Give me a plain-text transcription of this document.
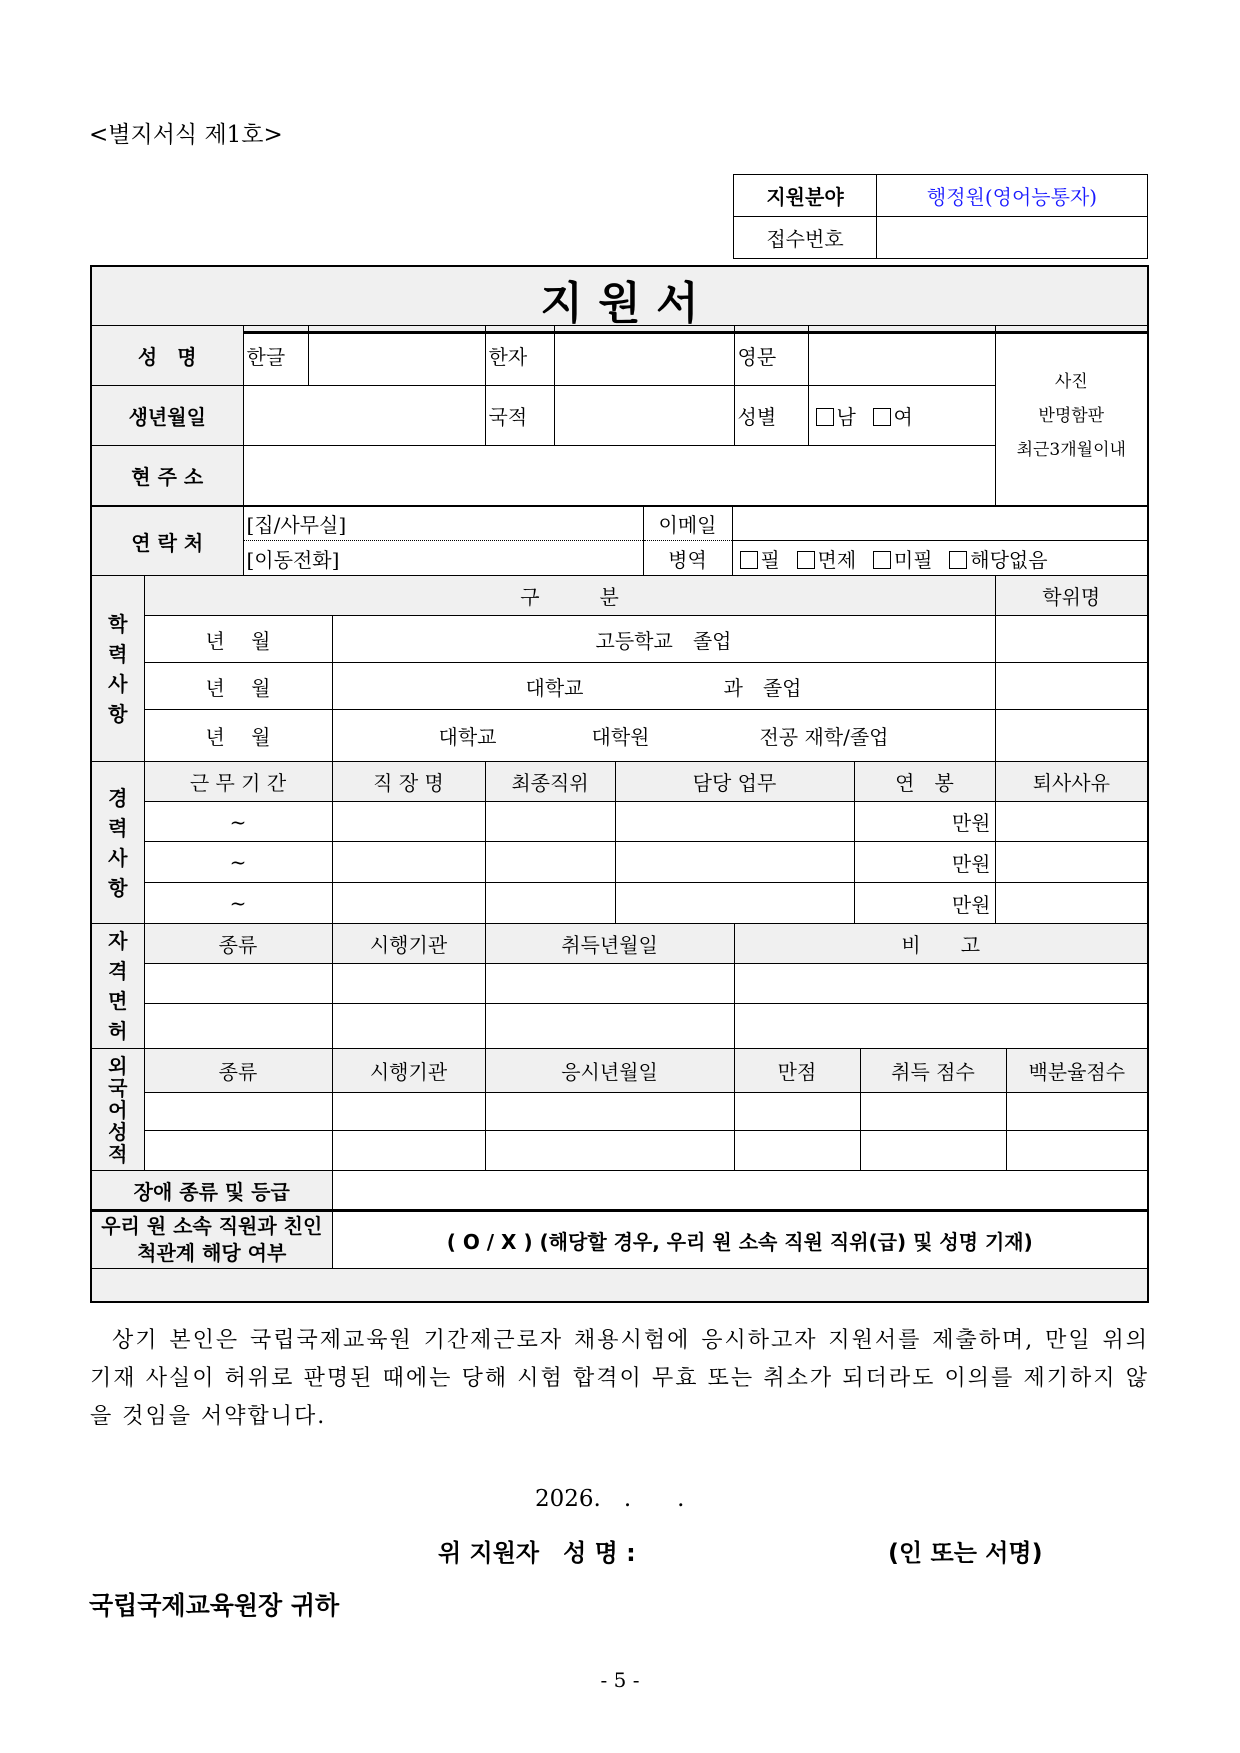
<별지서식 제1호>
지원분야	행정원(영어능통자)
접수번호	
지 원 서
성　명	한글		한자		영문		사진
반명함판
최근3개월이내

생년월일			국적		성별	남 여	
현 주 소							
연 락 처	[집/사무실]	이메일	
	[이동전화]	병역	필 면제 미필 해당없음
학력사항	구　　　분		학위명
	년　 월	고등학교　졸업	
	년　 월	대학교 과　졸업	
	년　 월	대학교 대학원 전공 재학/졸업	
경력사항	근 무 기 간	직 장 명	최종직위	담당 업무	연　봉	퇴사사유
	~				만원	
	~				만원	
	~				만원	
자격면허	종류	시행기관	취득년월일	비　　고

외국어성적	종류	시행기관	응시년월일	만점	취득 점수	백분율점수

장애 종류 및 등급	
우리 원 소속 직원과 친인척관계 해당 여부	( O / X ) (해당할 경우, 우리 원 소속 직원 직위(급) 및 성명 기재)

상기 본인은 국립국제교육원 기간제근로자 채용시험에 응시하고자 지원서를 제출하며, 만일 위의 기재 사실이 허위로 판명된 때에는 당해 시험 합격이 무효 또는 취소가 되더라도 이의를 제기하지 않을 것임을 서약합니다.
2026.　.　　.
위 지원자　성 명 :	(인 또는 서명)
국립국제교육원장 귀하
- 5 -
